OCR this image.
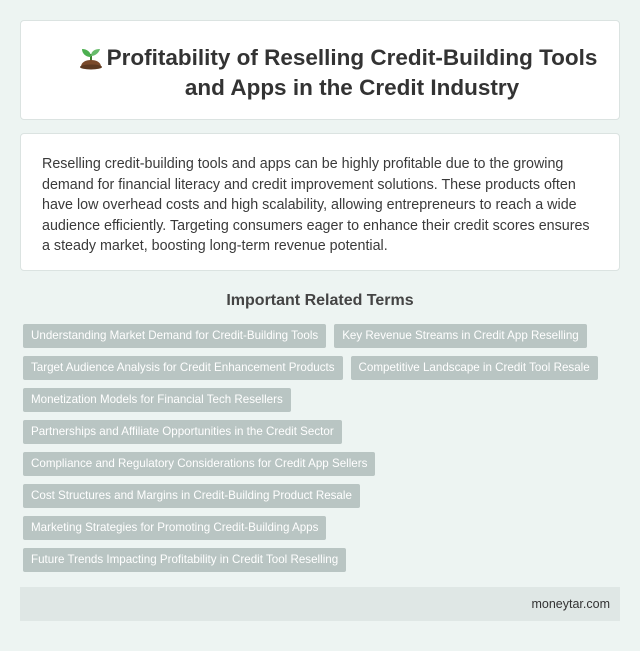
Profitability of Reselling Credit-Building Tools and Apps in the Credit Industry

Reselling credit-building tools and apps can be highly profitable due to the growing demand for financial literacy and credit improvement solutions. These products often have low overhead costs and high scalability, allowing entrepreneurs to reach a wide audience efficiently. Targeting consumers eager to enhance their credit scores ensures a steady market, boosting long-term revenue potential.

Important Related Terms
Understanding Market Demand for Credit-Building Tools	Key Revenue Streams in Credit App Reselling
Target Audience Analysis for Credit Enhancement Products	Competitive Landscape in Credit Tool Resale
Monetization Models for Financial Tech Resellers
Partnerships and Affiliate Opportunities in the Credit Sector
Compliance and Regulatory Considerations for Credit App Sellers
Cost Structures and Margins in Credit-Building Product Resale
Marketing Strategies for Promoting Credit-Building Apps
Future Trends Impacting Profitability in Credit Tool Reselling
moneytar.com
